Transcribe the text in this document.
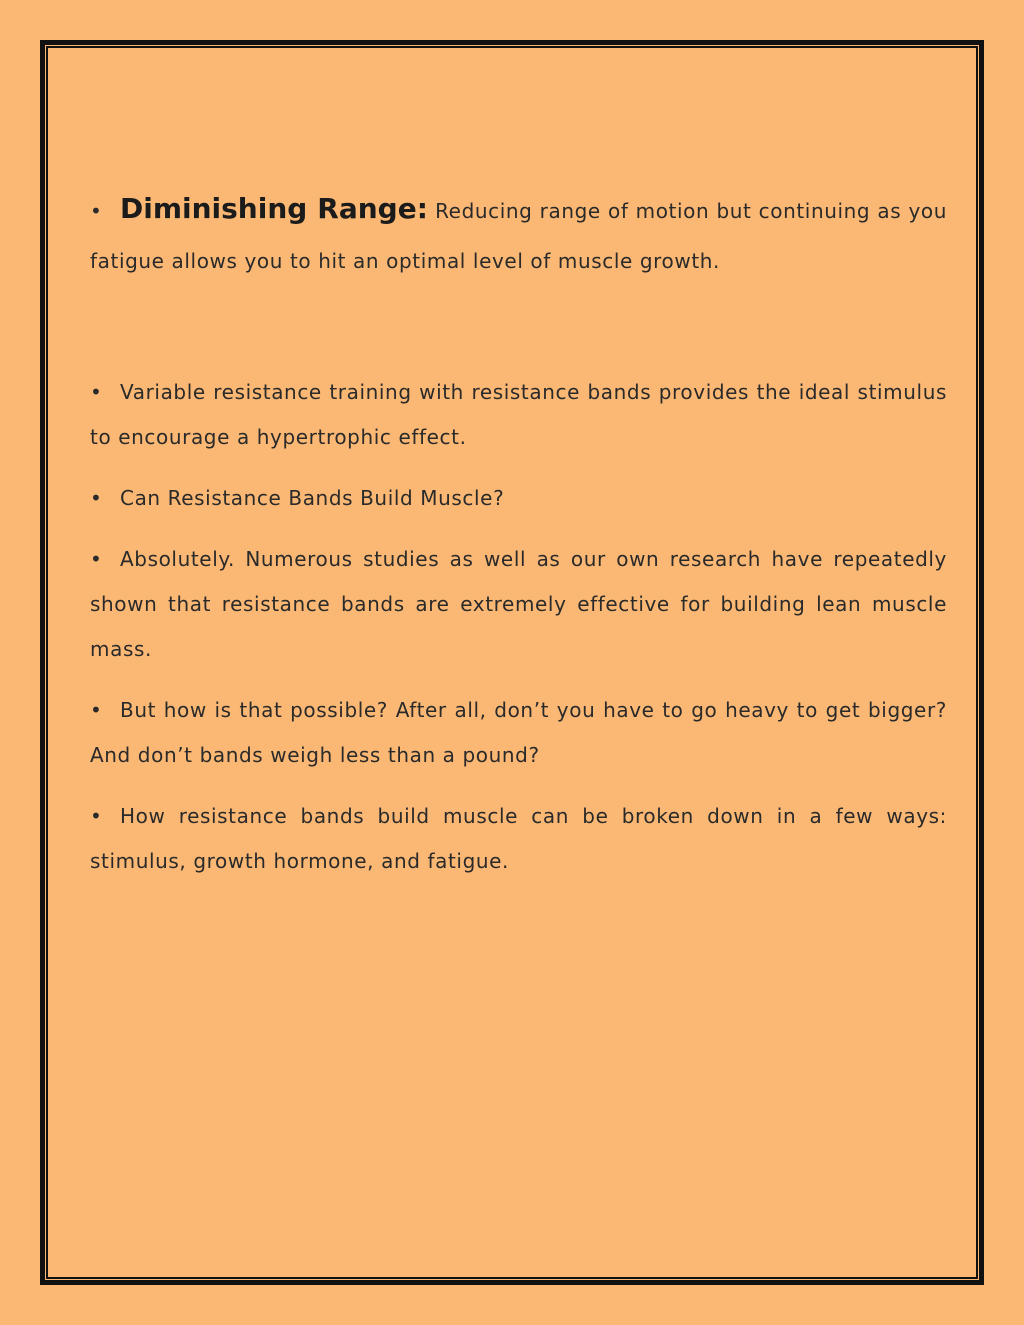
• Diminishing Range: Reducing range of motion but continuing as you fatigue allows you to hit an optimal level of muscle growth.

• Variable resistance training with resistance bands provides the ideal stimulus to encourage a hypertrophic effect.

• Can Resistance Bands Build Muscle?

• Absolutely. Numerous studies as well as our own research have repeatedly shown that resistance bands are extremely effective for building lean muscle mass.

• But how is that possible? After all, don’t you have to go heavy to get bigger? And don’t bands weigh less than a pound?

• How resistance bands build muscle can be broken down in a few ways: stimulus, growth hormone, and fatigue.
